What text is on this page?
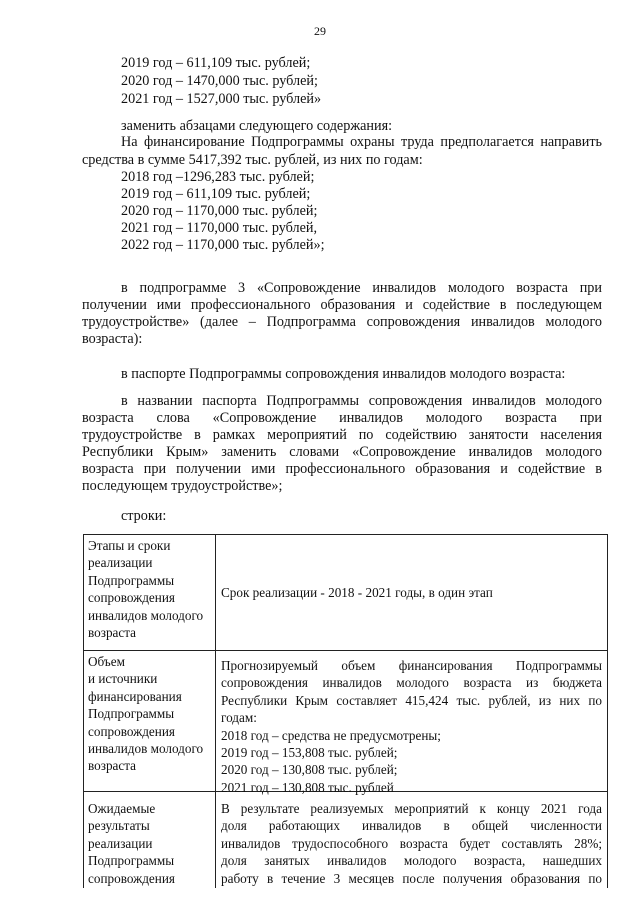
29
2019 год – 611,109 тыс. рублей;
2020 год – 1470,000 тыс. рублей;
2021 год – 1527,000 тыс. рублей»
заменить абзацами следующего содержания:
На финансирование Подпрограммы охраны труда предполагается направить
средства в сумме 5417,392 тыс. рублей, из них по годам:
2018 год –1296,283 тыс. рублей;
2019 год – 611,109 тыс. рублей;
2020 год – 1170,000 тыс. рублей;
2021 год – 1170,000 тыс. рублей,
2022 год – 1170,000 тыс. рублей»;
в подпрограмме 3 «Сопровождение инвалидов молодого возраста при
получении ими профессионального образования и содействие в последующем
трудоустройстве» (далее – Подпрограмма сопровождения инвалидов молодого
возраста):
в паспорте Подпрограммы сопровождения инвалидов молодого возраста:
в названии паспорта Подпрограммы сопровождения инвалидов молодого
возраста слова «Сопровождение инвалидов молодого возраста при
трудоустройстве в рамках мероприятий по содействию занятости населения
Республики Крым» заменить словами «Сопровождение инвалидов молодого
возраста при получении ими профессионального образования и содействие в
последующем трудоустройстве»;
строки:
Этапы и сроки
реализации
Подпрограммы
сопровождения
инвалидов молодого
возраста
Срок реализации - 2018 - 2021 годы, в один этап
Объем
и источники
финансирования
Подпрограммы
сопровождения
инвалидов молодого
возраста
Прогнозируемый объем финансирования Подпрограммы
сопровождения инвалидов молодого возраста из бюджета
Республики Крым составляет 415,424 тыс. рублей, из них по
годам:
2018 год – средства не предусмотрены;
2019 год – 153,808 тыс. рублей;
2020 год – 130,808 тыс. рублей;
2021 год – 130,808 тыс. рублей
Ожидаемые
результаты
реализации
Подпрограммы
сопровождения
В результате реализуемых мероприятий к концу 2021 года
доля работающих инвалидов в общей численности
инвалидов трудоспособного возраста будет составлять 28%;
доля занятых инвалидов молодого возраста, нашедших
работу в течение 3 месяцев после получения образования по
